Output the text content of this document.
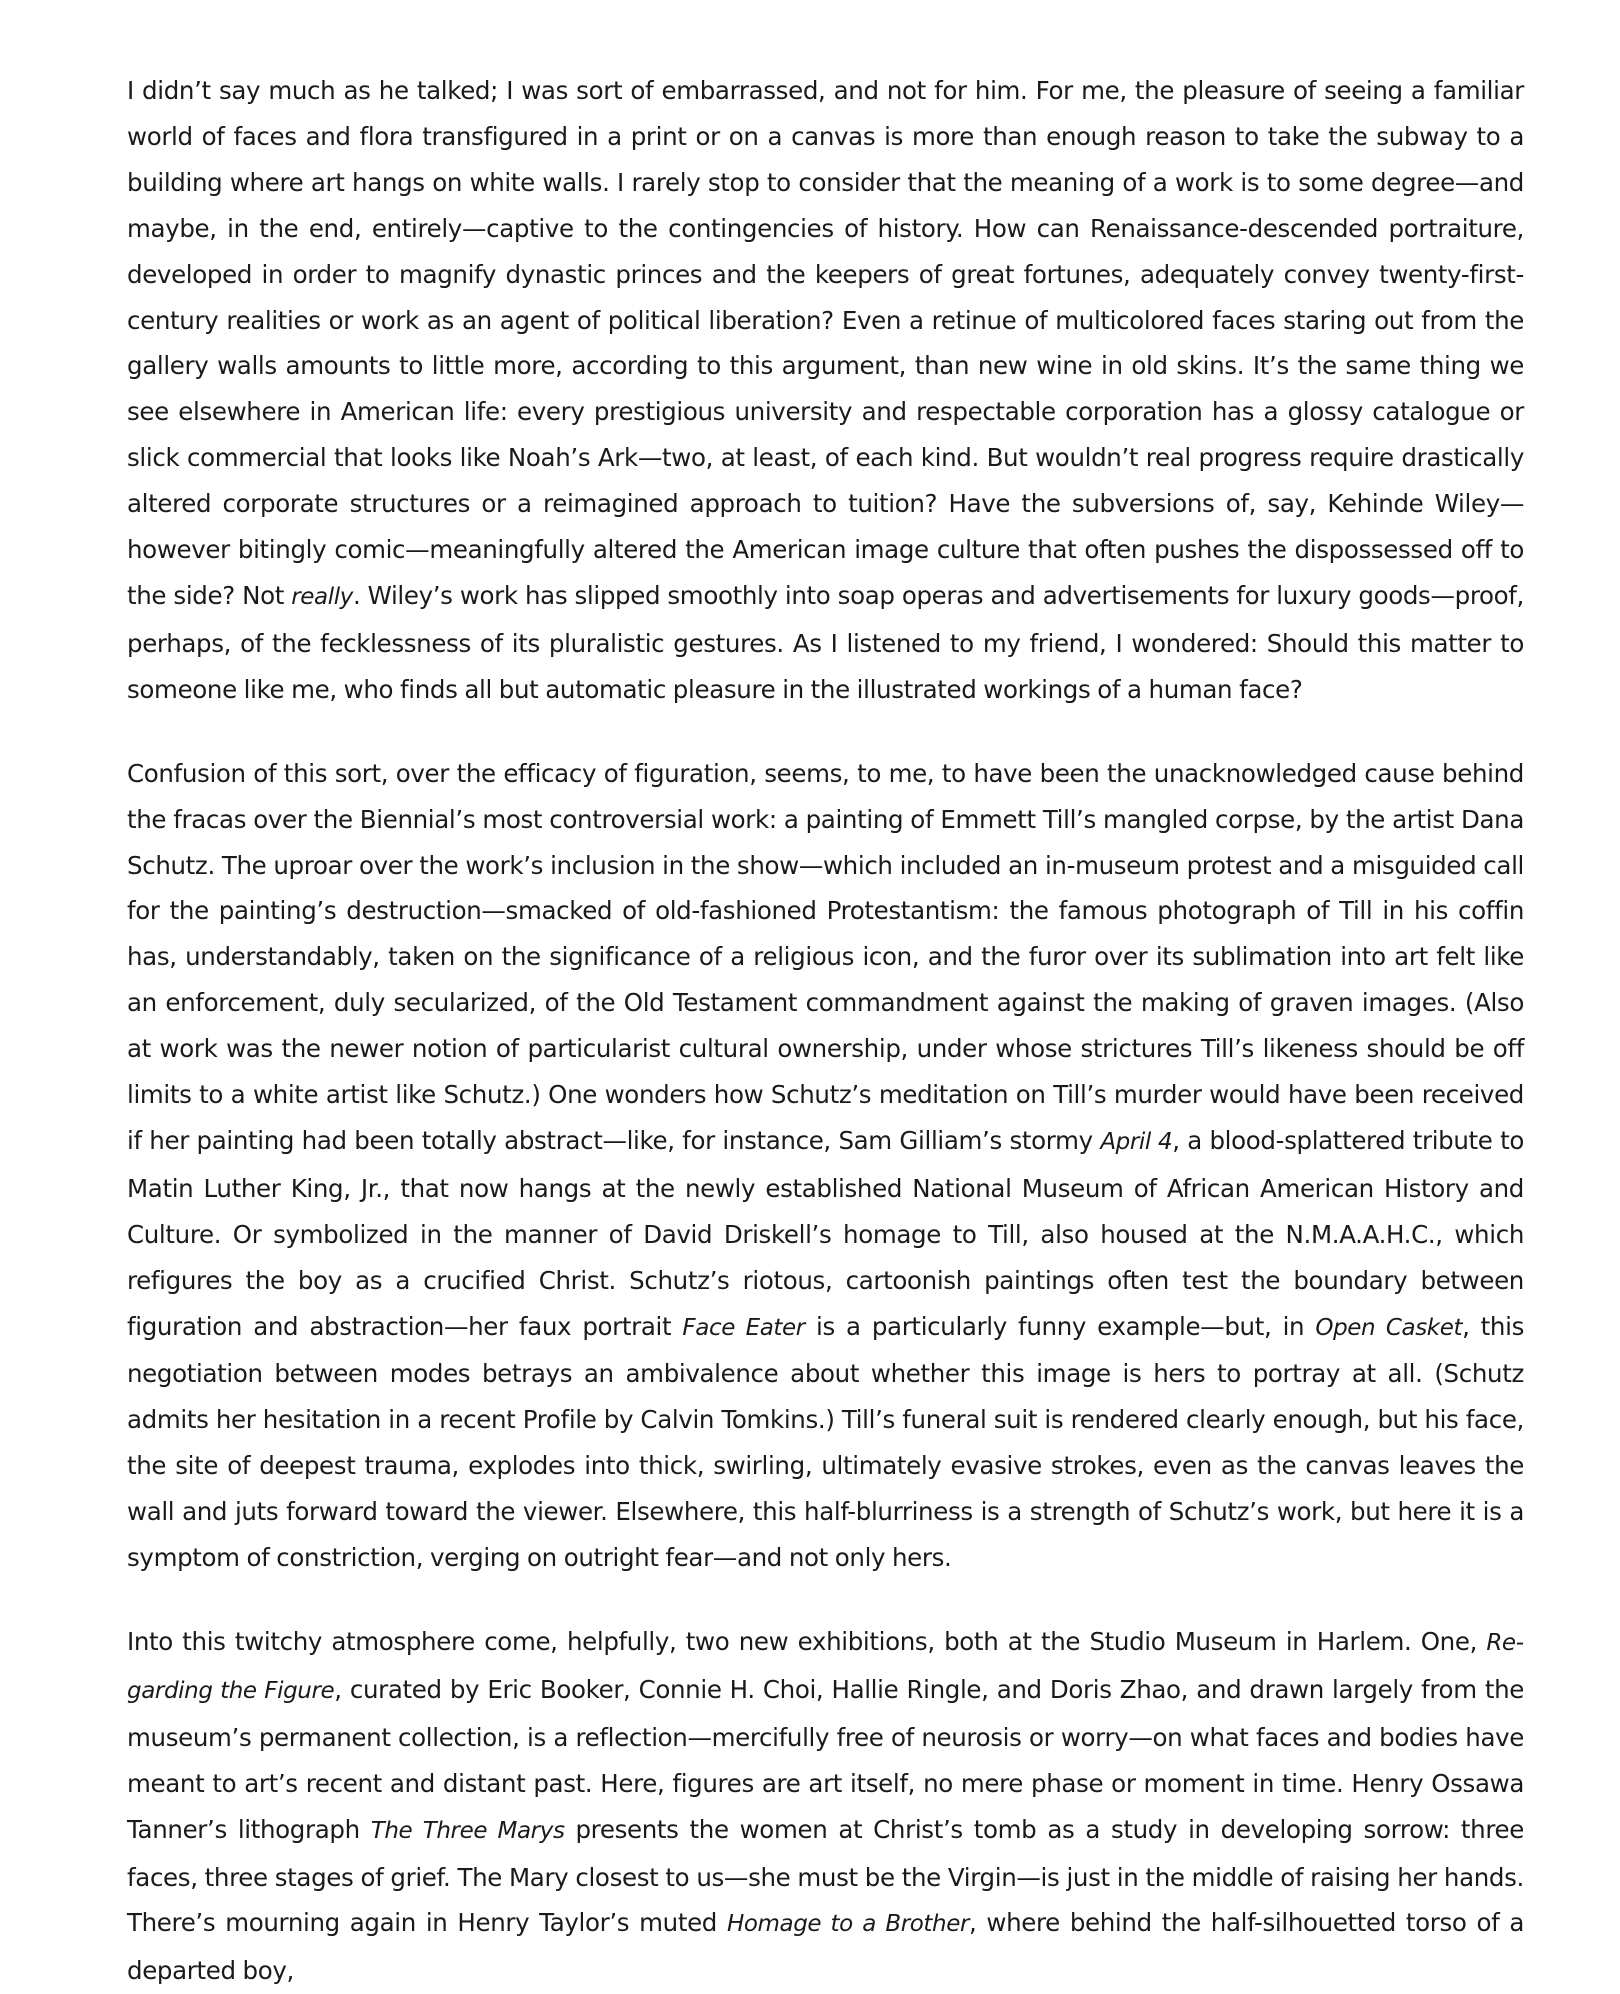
I didn’t say much as he talked; I was sort of embarrassed, and not for him. For me, the pleasure of seeing a familiar world of faces and flora transfigured in a print or on a canvas is more than enough reason to take the subway to a building where art hangs on white walls. I rarely stop to consider that the meaning of a work is to some degree—and maybe, in the end, entirely—captive to the contingencies of history. How can Renaissance-descended portraiture, developed in order to magnify dynastic princes and the keepers of great fortunes, adequately convey twenty-first-century realities or work as an agent of political liberation? Even a retinue of multicolored faces staring out from the gallery walls amounts to little more, according to this argument, than new wine in old skins. It’s the same thing we see elsewhere in American life: every prestigious university and respectable corporation has a glossy catalogue or slick commercial that looks like Noah’s Ark—two, at least, of each kind. But wouldn’t real progress require drastically altered corporate structures or a reimagined approach to tuition? Have the subversions of, say, Kehinde Wiley—however bitingly comic—meaningfully altered the American image culture that often pushes the dispossessed off to the side? Not really. Wiley’s work has slipped smoothly into soap operas and advertisements for luxury goods—proof, perhaps, of the fecklessness of its pluralistic gestures. As I listened to my friend, I wondered: Should this matter to someone like me, who finds all but automatic pleasure in the illustrated workings of a human face?

Confusion of this sort, over the efficacy of figuration, seems, to me, to have been the unacknowledged cause behind the fracas over the Biennial’s most controversial work: a painting of Emmett Till’s mangled corpse, by the artist Dana Schutz. The uproar over the work’s inclusion in the show—which included an in-museum protest and a misguided call for the painting’s destruction—smacked of old-fashioned Protestantism: the famous photograph of Till in his coffin has, understandably, taken on the significance of a religious icon, and the furor over its sublimation into art felt like an enforcement, duly secularized, of the Old Testament commandment against the making of graven images. (Also at work was the newer notion of particularist cultural ownership, under whose strictures Till’s likeness should be off limits to a white artist like Schutz.) One wonders how Schutz’s meditation on Till’s murder would have been received if her painting had been totally abstract—like, for instance, Sam Gilliam’s stormy April 4, a blood-splattered tribute to Matin Luther King, Jr., that now hangs at the newly established National Museum of African American History and Culture. Or symbolized in the manner of David Driskell’s homage to Till, also housed at the N.M.A.A.H.C., which refigures the boy as a crucified Christ. Schutz’s riotous, cartoonish paintings often test the boundary between figuration and abstraction—her faux portrait Face Eater is a particularly funny example—but, in Open Casket, this negotiation between modes betrays an ambivalence about whether this image is hers to portray at all. (Schutz admits her hesitation in a recent Profile by Calvin Tomkins.) Till’s funeral suit is rendered clearly enough, but his face, the site of deepest trauma, explodes into thick, swirling, ultimately evasive strokes, even as the canvas leaves the wall and juts forward toward the viewer. Elsewhere, this half-blurriness is a strength of Schutz’s work, but here it is a symptom of constriction, verging on outright fear—and not only hers.

Into this twitchy atmosphere come, helpfully, two new exhibitions, both at the Studio Museum in Harlem. One, Regarding the Figure, curated by Eric Booker, Connie H. Choi, Hallie Ringle, and Doris Zhao, and drawn largely from the museum’s permanent collection, is a reflection—mercifully free of neurosis or worry—on what faces and bodies have meant to art’s recent and distant past. Here, figures are art itself, no mere phase or moment in time. Henry Ossawa Tanner’s lithograph The Three Marys presents the women at Christ’s tomb as a study in developing sorrow: three faces, three stages of grief. The Mary closest to us—she must be the Virgin—is just in the middle of raising her hands. There’s mourning again in Henry Taylor’s muted Homage to a Brother, where behind the half-silhouetted torso of a departed boy,
